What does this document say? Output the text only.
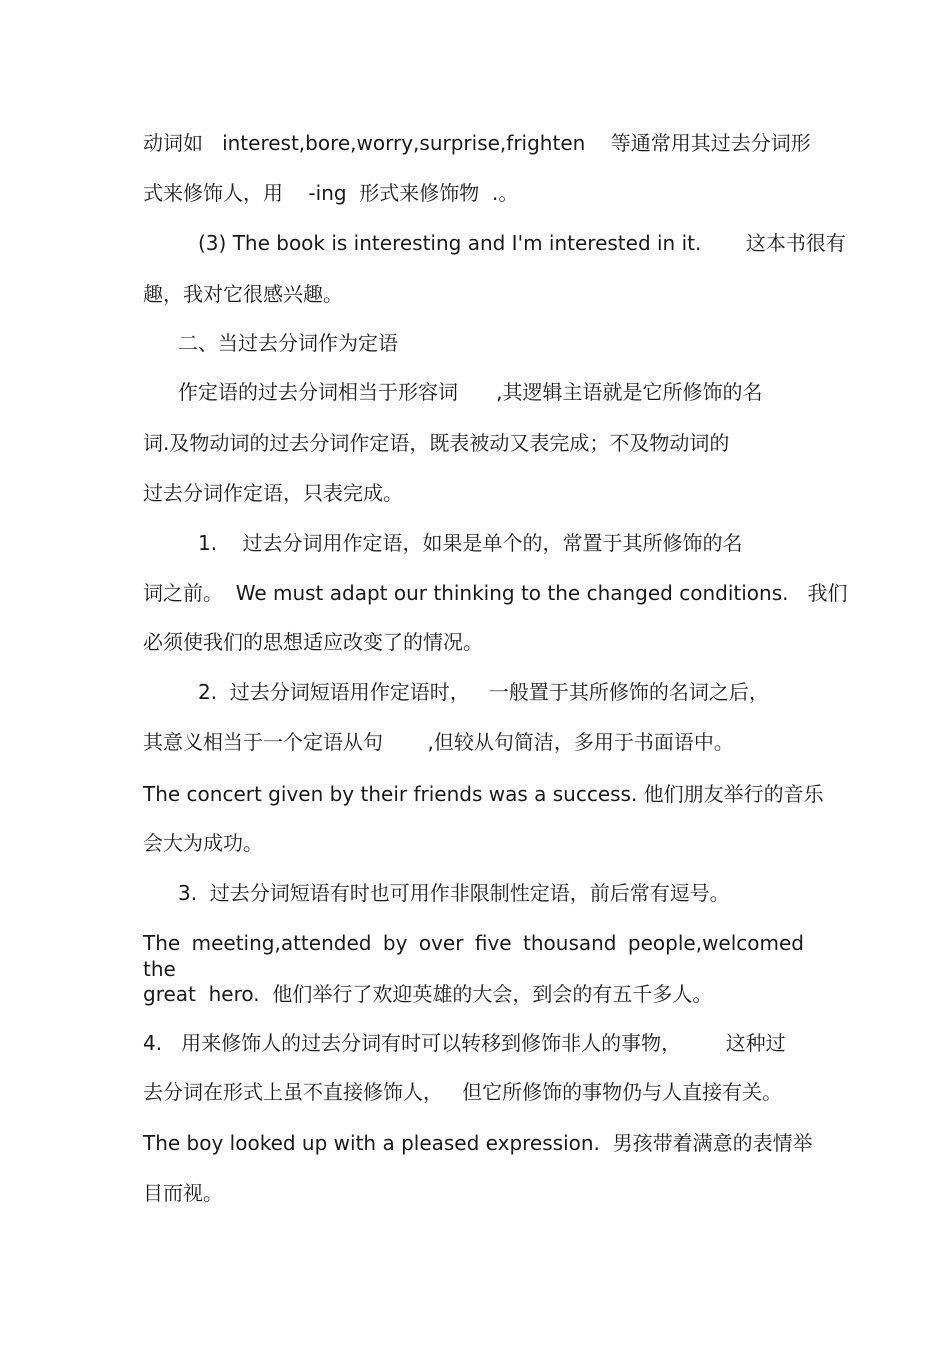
动词如   interest,bore,worry,surprise,frighten    等通常用其过去分词形

式来修饰人，用    -ing  形式来修饰物  .。

(3) The book is interesting and I'm interested in it.       这本书很有

趣，我对它很感兴趣。

二、当过去分词作为定语

作定语的过去分词相当于形容词      ,其逻辑主语就是它所修饰的名

词.及物动词的过去分词作定语，既表被动又表完成；不及物动词的

过去分词作定语，只表完成。

1.    过去分词用作定语，如果是单个的，常置于其所修饰的名

词之前。  We must adapt our thinking to the changed conditions.   我们

必须使我们的思想适应改变了的情况。

2.  过去分词短语用作定语时，   一般置于其所修饰的名词之后，

其意义相当于一个定语从句       ,但较从句简洁，多用于书面语中。

The concert given by their friends was a success. 他们朋友举行的音乐

会大为成功。

3.  过去分词短语有时也可用作非限制性定语，前后常有逗号。

The meeting,attended by over five thousand people,welcomed the

great  hero.  他们举行了欢迎英雄的大会，到会的有五千多人。

4.   用来修饰人的过去分词有时可以转移到修饰非人的事物，       这种过

去分词在形式上虽不直接修饰人，   但它所修饰的事物仍与人直接有关。

The boy looked up with a pleased expression.  男孩带着满意的表情举

目而视。
